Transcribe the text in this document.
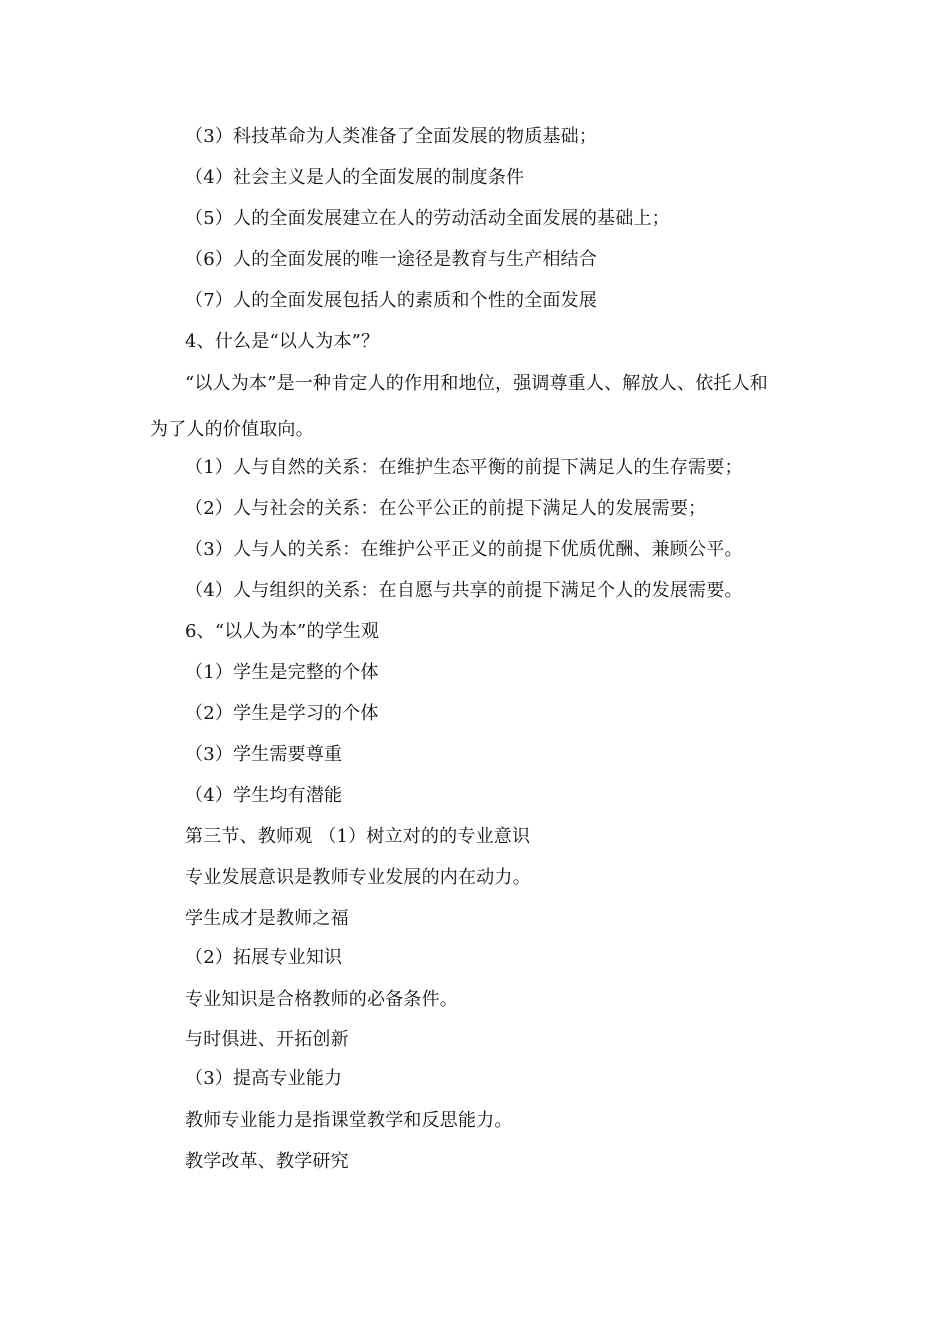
（3）科技革命为人类准备了全面发展的物质基础；
（4）社会主义是人的全面发展的制度条件
（5）人的全面发展建立在人的劳动活动全面发展的基础上；
（6）人的全面发展的唯一途径是教育与生产相结合
（7）人的全面发展包括人的素质和个性的全面发展
4、什么是“以人为本”？
“以人为本”是一种肯定人的作用和地位，强调尊重人、解放人、依托人和
为了人的价值取向。
（1）人与自然的关系：在维护生态平衡的前提下满足人的生存需要；
（2）人与社会的关系：在公平公正的前提下满足人的发展需要；
（3）人与人的关系：在维护公平正义的前提下优质优酬、兼顾公平。
（4）人与组织的关系：在自愿与共享的前提下满足个人的发展需要。
6、“以人为本”的学生观
（1）学生是完整的个体
（2）学生是学习的个体
（3）学生需要尊重
（4）学生均有潜能
第三节、教师观 （1）树立对的的专业意识
专业发展意识是教师专业发展的内在动力。
学生成才是教师之福
（2）拓展专业知识
专业知识是合格教师的必备条件。
与时俱进、开拓创新
（3）提高专业能力
教师专业能力是指课堂教学和反思能力。
教学改革、教学研究
